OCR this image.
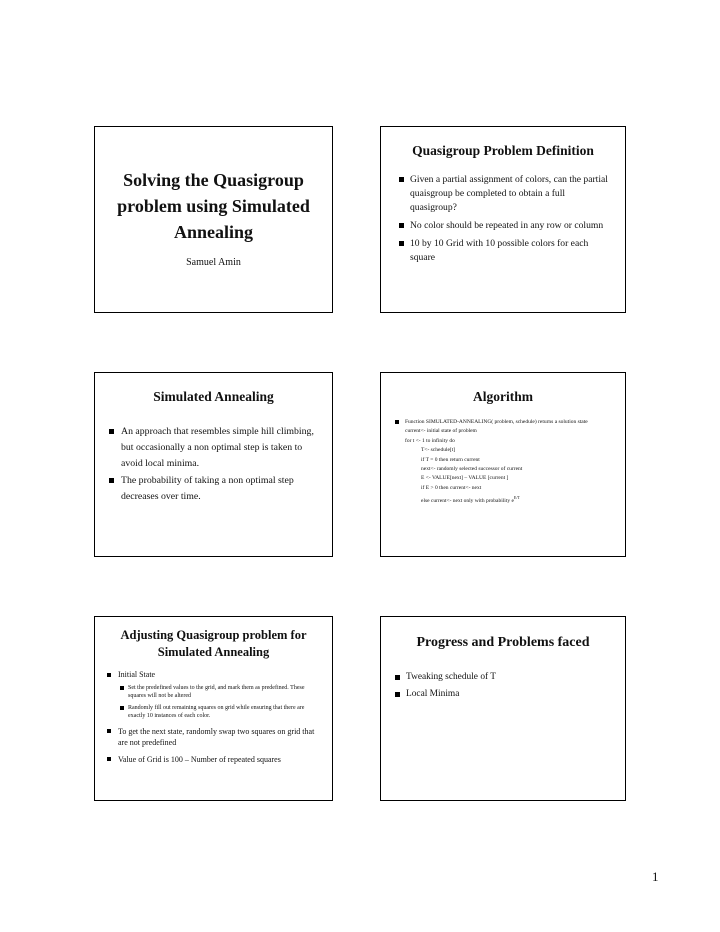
Solving the Quasigroup problem using Simulated Annealing
Samuel Amin
Quasigroup Problem Definition
Given a partial assignment of colors, can the partial quaisgroup be completed to obtain a full quasigroup?
No color should be repeated in any row or column
10 by 10 Grid with 10 possible colors for each square
Simulated Annealing
An approach that resembles simple hill climbing, but occasionally a non optimal step is taken to avoid local minima.
The probability of taking a non optimal step decreases over time.
Algorithm
Function SIMULATED-ANNEALING( problem, schedule) returns a solution state
current<- initial state of problem
for t <- 1 to infinity do
T<- schedule[t]
if T = 0 then return current
next<- randomly selected successor of current
E <- VALUE[next] – VALUE [current ]
if E > 0 then current<- next
else current<- next only with probability $e^{E/T}$
Adjusting Quasigroup problem for Simulated Annealing
Initial State
Set the predefined values to the grid, and mark them as predefined. These squares will not be altered
Randomly fill out remaining squares on grid while ensuring that there are exactly 10 instances of each color.
To get the next state, randomly swap two squares on grid that are not predefined
Value of Grid is 100 – Number of repeated squares
Progress and Problems faced
Tweaking schedule of T
Local Minima
1
